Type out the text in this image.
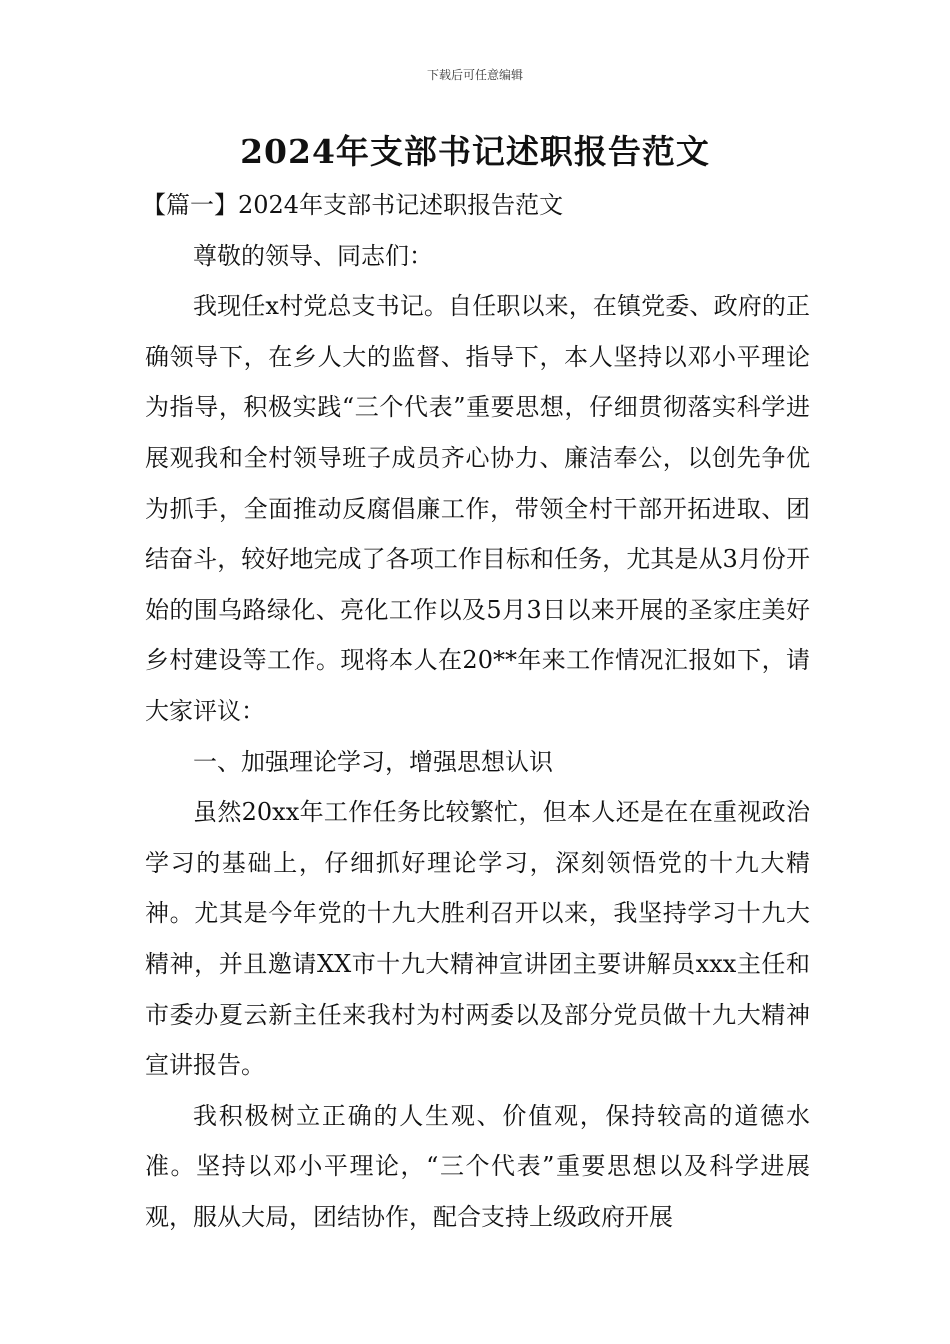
下载后可任意编辑
2024年支部书记述职报告范文

【篇一】2024年支部书记述职报告范文

尊敬的领导、同志们：

我现任x村党总支书记。自任职以来，在镇党委、政府的正确领导下，在乡人大的监督、指导下，本人坚持以邓小平理论为指导，积极实践“三个代表”重要思想，仔细贯彻落实科学进展观我和全村领导班子成员齐心协力、廉洁奉公，以创先争优为抓手，全面推动反腐倡廉工作，带领全村干部开拓进取、团结奋斗，较好地完成了各项工作目标和任务，尤其是从3月份开始的围乌路绿化、亮化工作以及5月3日以来开展的圣家庄美好乡村建设等工作。现将本人在20**年来工作情况汇报如下，请大家评议：

一、加强理论学习，增强思想认识

虽然20xx年工作任务比较繁忙，但本人还是在在重视政治学习的基础上，仔细抓好理论学习，深刻领悟党的十九大精神。尤其是今年党的十九大胜利召开以来，我坚持学习十九大精神，并且邀请XX市十九大精神宣讲团主要讲解员xxx主任和市委办夏云新主任来我村为村两委以及部分党员做十九大精神宣讲报告。

我积极树立正确的人生观、价值观，保持较高的道德水准。坚持以邓小平理论，“三个代表”重要思想以及科学进展观，服从大局，团结协作，配合支持上级政府开展
